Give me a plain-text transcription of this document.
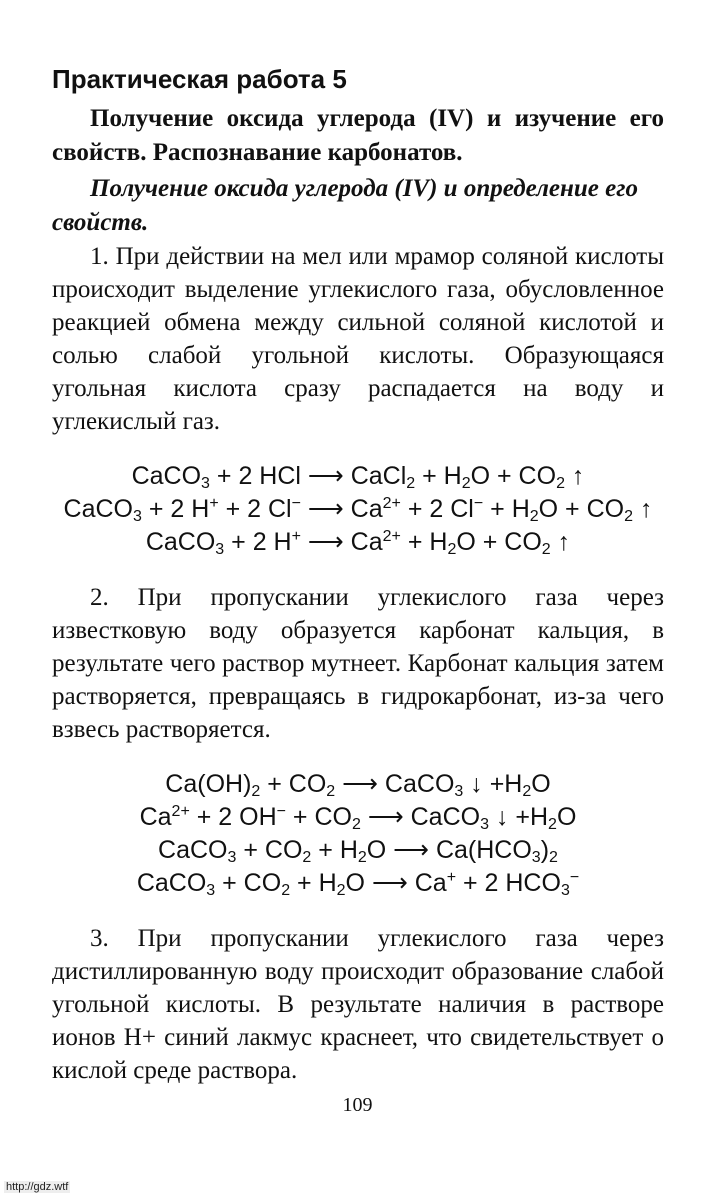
Практическая работа 5

Получение оксида углерода (IV) и изучение его свойств. Распознавание карбонатов.

Получение оксида углерода (IV) и определение его свойств.

1. При действии на мел или мрамор соляной кислоты происходит выделение углекислого газа, обусловленное реакцией обмена между сильной соляной кислотой и солью слабой угольной кислоты. Образующаяся угольная кислота сразу распадается на воду и углекислый газ.

CaCO$_3$ + 2 HCl ⟶ CaCl$_2$ + $H_2O + CO_2$ ↑
CaCO$_3$ + 2 H+ + 2 Cl− ⟶ $Ca^{2+} + 2$ $Cl^- + H_2O + CO_2$ ↑
CaCO$_3$ + 2 H+ ⟶ $Ca^{2+} + H_2O + CO_2$ ↑

2. При пропускании углекислого газа через известковую воду образуется карбонат кальция, в результате чего раствор мутнеет. Карбонат кальция затем растворяется, превращаясь в гидрокарбонат, из-за чего взвесь растворяется.

$Ca(OH)_2 + CO_2$ ⟶ CaCO$_3$ ↓ $+H_2O$
$Ca^{2+} + 2$ $OH^- + CO_2$ ⟶ CaCO$_3$ ↓ $+H_2O$
CaCO$_3$ + $CO_2 + H_2O$ ⟶ $Ca(HCO_3)_2$
CaCO$_3$ + $CO_2 + H_2O$ ⟶ Ca+ + 2 $HCO_3^-$

3. При пропускании углекислого газа через дистиллированную воду происходит образование слабой угольной кислоты. В результате наличия в растворе ионов H+ синий лакмус краснеет, что свидетельствует о кислой среде раствора.

109
http://gdz.wtf
